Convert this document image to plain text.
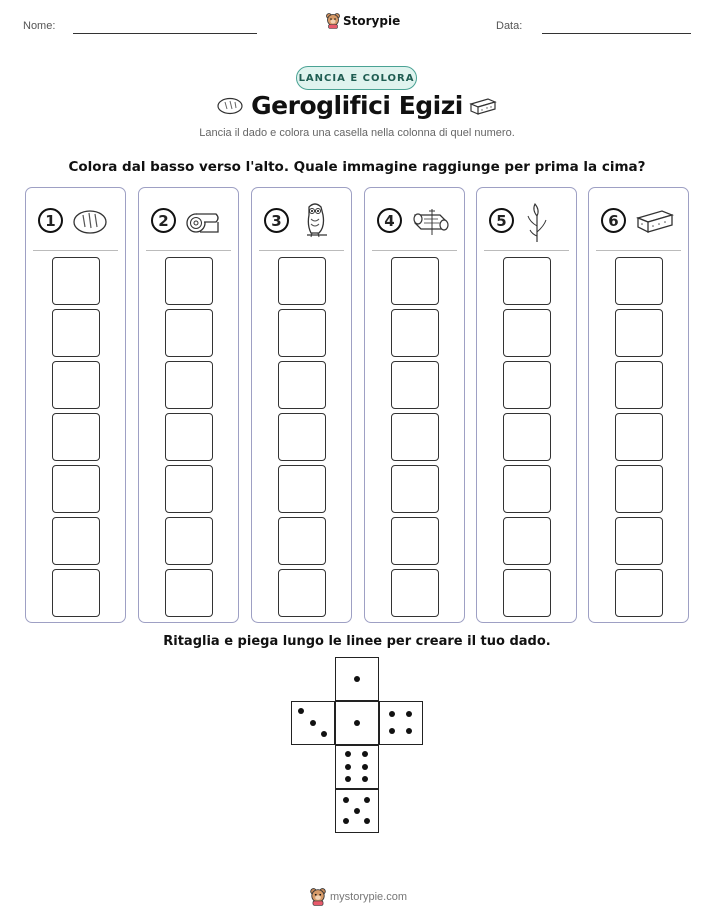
Nome:	Storypie	Data:
LANCIA E COLORA
Geroglifici Egizi
Lancia il dado e colora una casella nella colonna di quel numero.
Colora dal basso verso l'alto. Quale immagine raggiunge per prima la cima?
1	2	3	4	5	6
Ritaglia e piega lungo le linee per creare il tuo dado.
mystorypie.com
